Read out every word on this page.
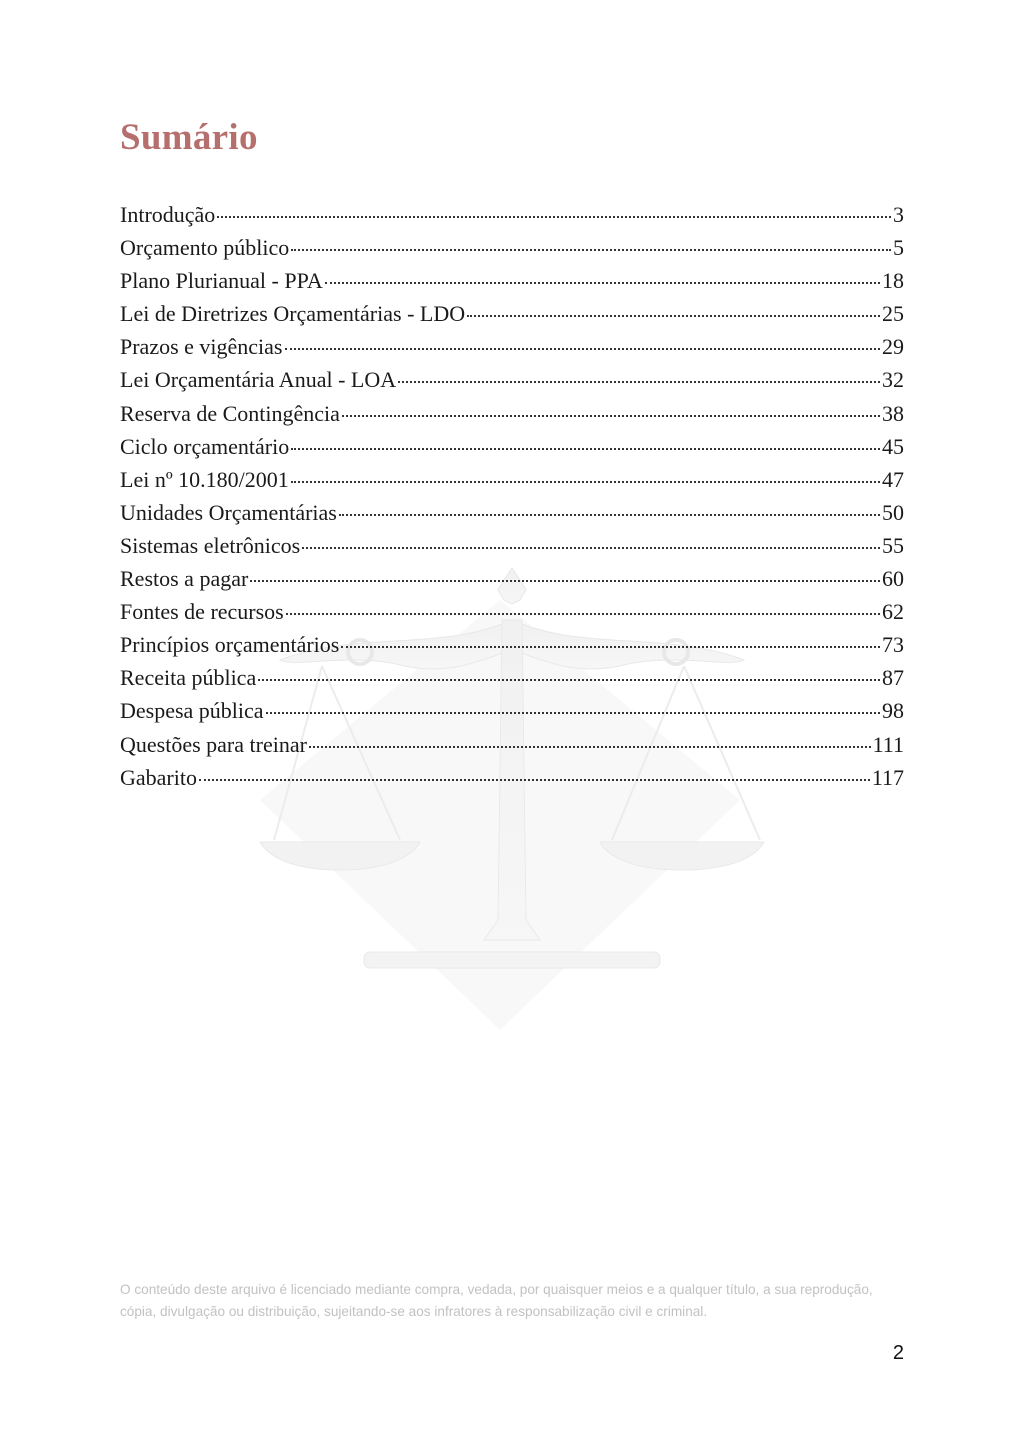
Sumário
Introdução	3
Orçamento público	5
Plano Plurianual - PPA	18
Lei de Diretrizes Orçamentárias - LDO	25
Prazos e vigências	29
Lei Orçamentária Anual - LOA	32
Reserva de Contingência	38
Ciclo orçamentário	45
Lei nº 10.180/2001	47
Unidades Orçamentárias	50
Sistemas eletrônicos	55
Restos a pagar	60
Fontes de recursos	62
Princípios orçamentários	73
Receita pública	87
Despesa pública	98
Questões para treinar	111
Gabarito	117

O conteúdo deste arquivo é licenciado mediante compra, vedada, por quaisquer meios e a qualquer título, a sua reprodução, cópia, divulgação ou distribuição, sujeitando-se aos infratores à responsabilização civil e criminal.

2
